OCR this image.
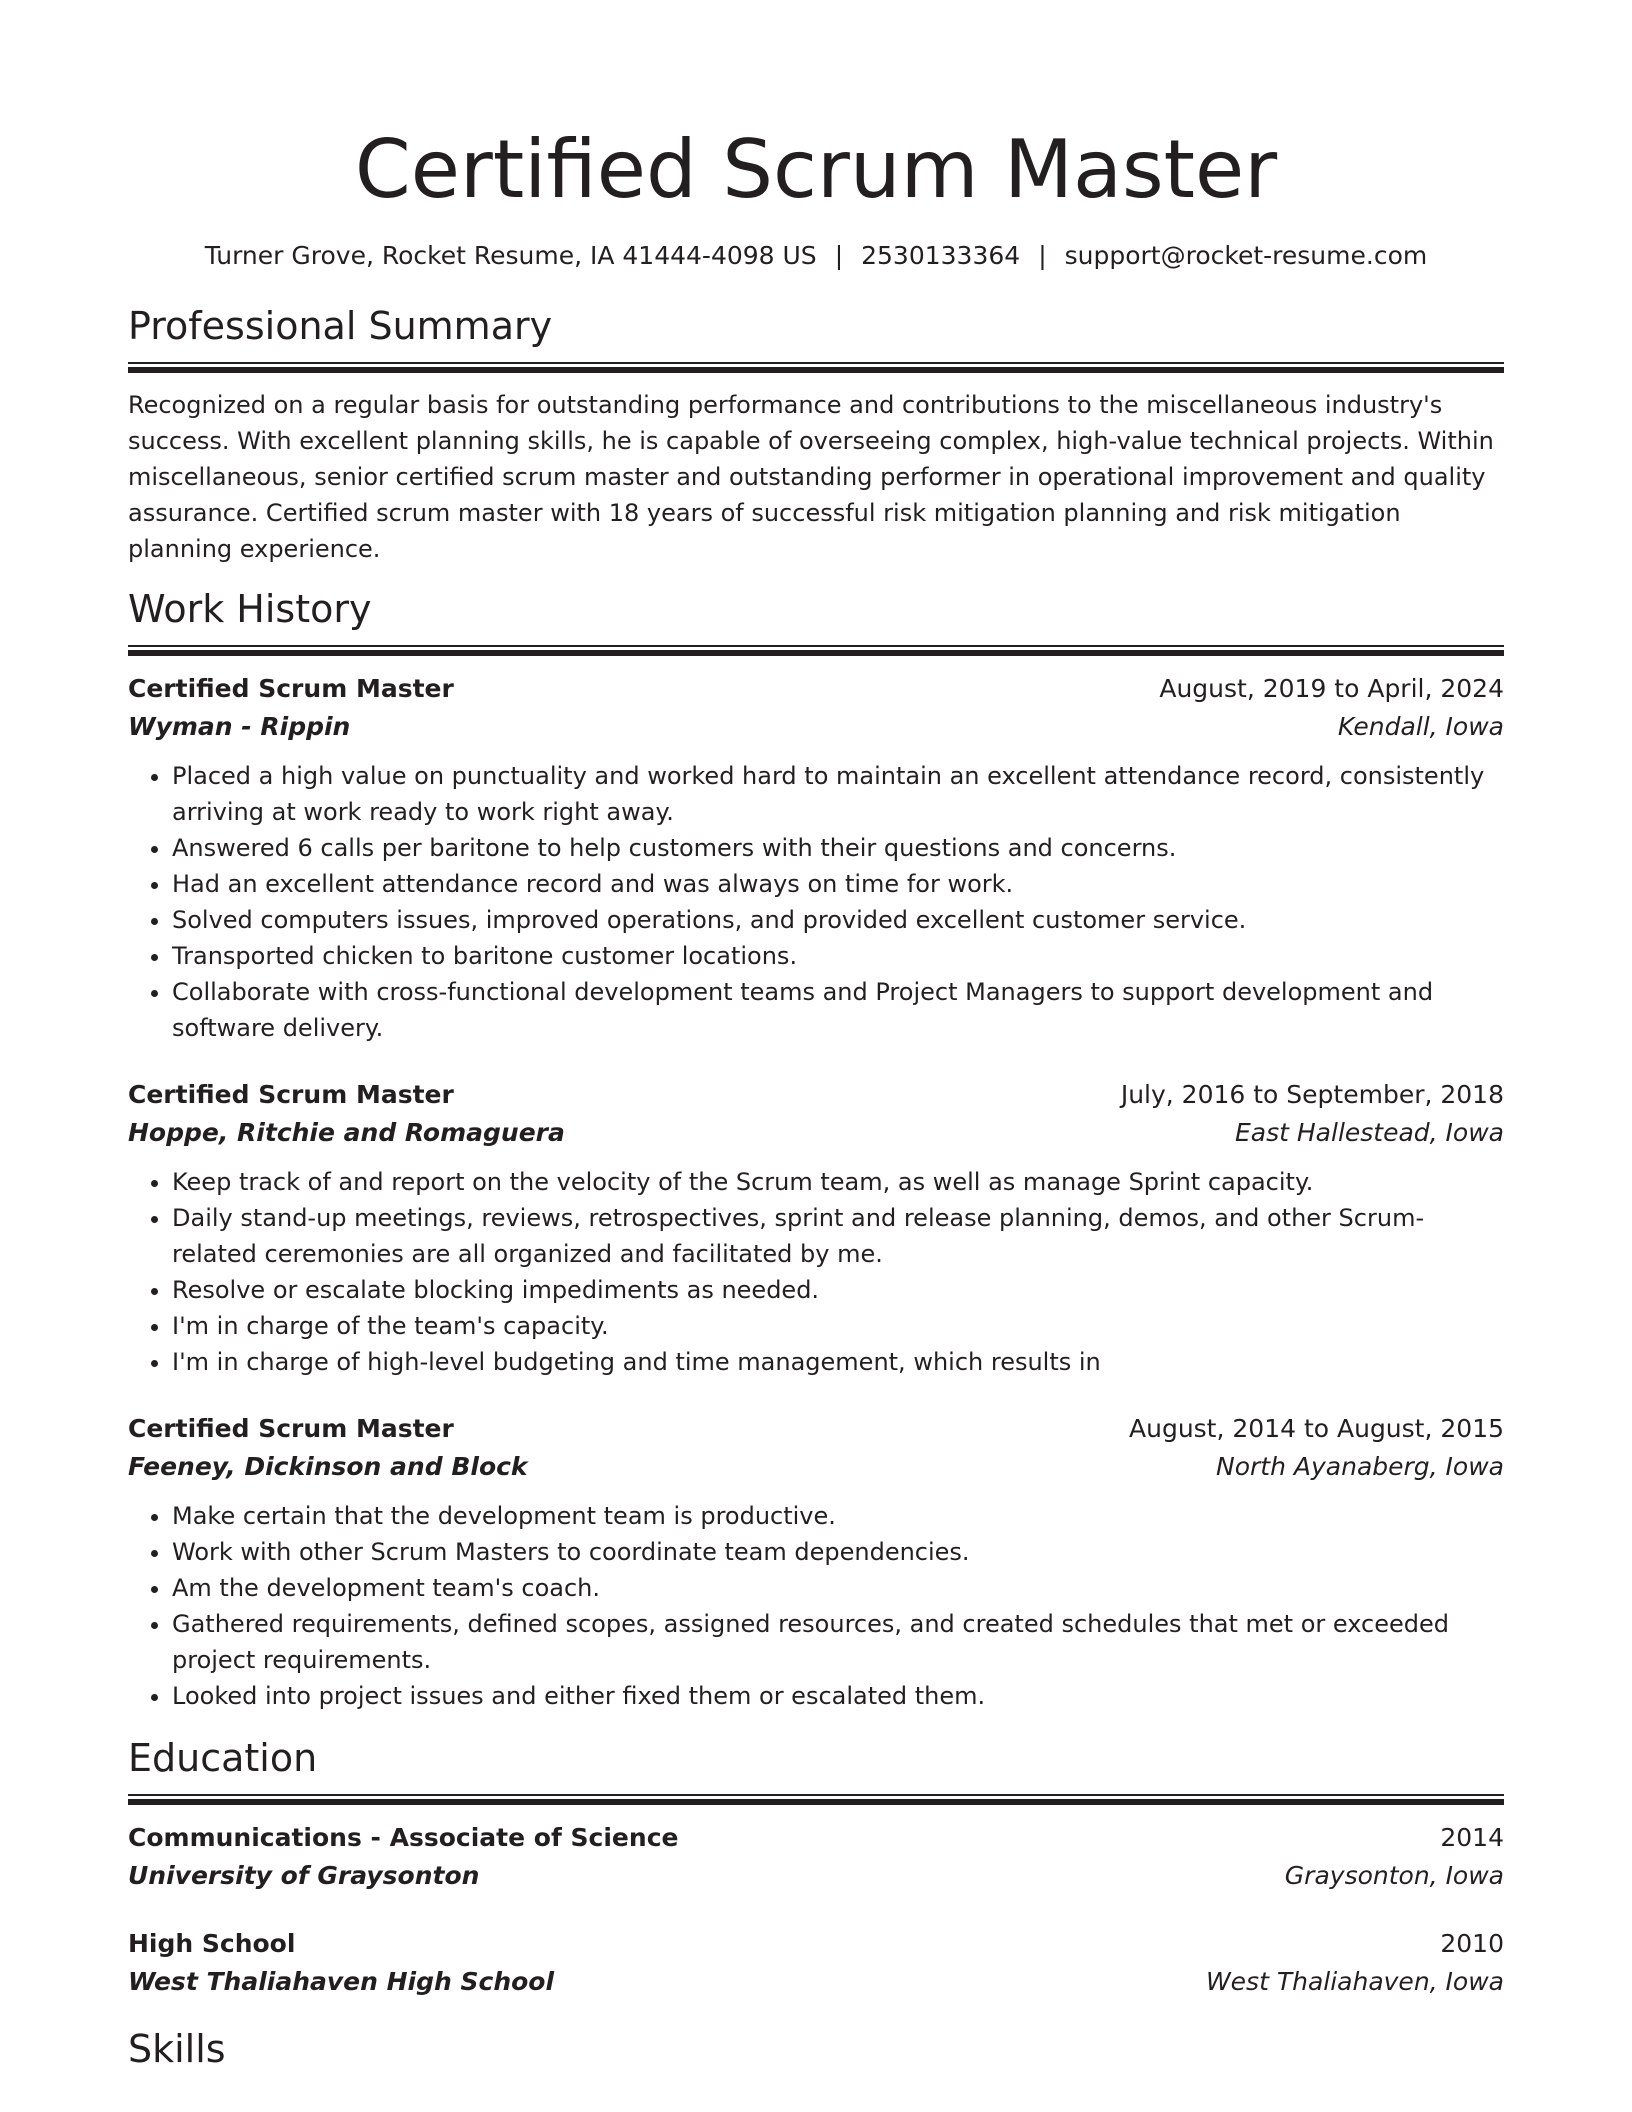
Certified Scrum Master
Turner Grove, Rocket Resume, IA 41444-4098 US | 2530133364 | support@rocket-resume.com
Professional Summary
Recognized on a regular basis for outstanding performance and contributions to the miscellaneous industry's success. With excellent planning skills, he is capable of overseeing complex, high-value technical projects. Within miscellaneous, senior certified scrum master and outstanding performer in operational improvement and quality assurance. Certified scrum master with 18 years of successful risk mitigation planning and risk mitigation planning experience.
Work History
Certified Scrum Master	August, 2019 to April, 2024
Wyman - Rippin	Kendall, Iowa
• Placed a high value on punctuality and worked hard to maintain an excellent attendance record, consistently arriving at work ready to work right away.
• Answered 6 calls per baritone to help customers with their questions and concerns.
• Had an excellent attendance record and was always on time for work.
• Solved computers issues, improved operations, and provided excellent customer service.
• Transported chicken to baritone customer locations.
• Collaborate with cross-functional development teams and Project Managers to support development and software delivery.
Certified Scrum Master	July, 2016 to September, 2018
Hoppe, Ritchie and Romaguera	East Hallestead, Iowa
• Keep track of and report on the velocity of the Scrum team, as well as manage Sprint capacity.
• Daily stand-up meetings, reviews, retrospectives, sprint and release planning, demos, and other Scrum-related ceremonies are all organized and facilitated by me.
• Resolve or escalate blocking impediments as needed.
• I'm in charge of the team's capacity.
• I'm in charge of high-level budgeting and time management, which results in
Certified Scrum Master	August, 2014 to August, 2015
Feeney, Dickinson and Block	North Ayanaberg, Iowa
• Make certain that the development team is productive.
• Work with other Scrum Masters to coordinate team dependencies.
• Am the development team's coach.
• Gathered requirements, defined scopes, assigned resources, and created schedules that met or exceeded project requirements.
• Looked into project issues and either fixed them or escalated them.
Education
Communications - Associate of Science	2014
University of Graysonton	Graysonton, Iowa
High School	2010
West Thaliahaven High School	West Thaliahaven, Iowa
Skills
